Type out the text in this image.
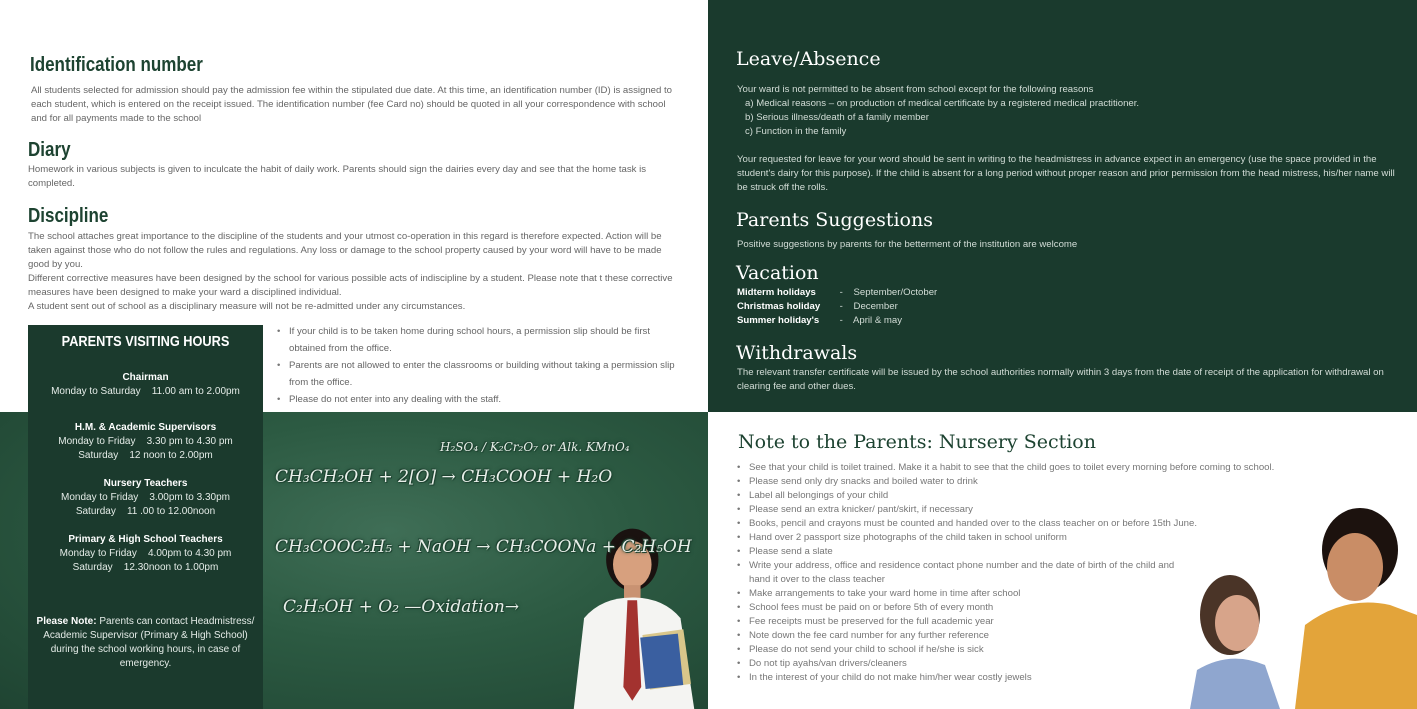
Identification number

All students selected for admission should pay the admission fee within the stipulated due date. At this time, an identification number (ID) is assigned to each student, which is entered on the receipt issued. The identification number (fee Card no) should be quoted in all your correspondence with school and for all payments made to the school

Diary

Homework in various subjects is given to inculcate the habit of daily work. Parents should sign the dairies every day and see that the home task is completed.

Discipline

The school attaches great importance to the discipline of the students and your utmost co-operation in this regard is therefore expected. Action will be taken against those who do not follow the rules and regulations. Any loss or damage to the school property caused by your word will have to be made good by you.

Different corrective measures have been designed by the school for various possible acts of indiscipline by a student. Please note that t these corrective measures have been designed to make your ward a disciplined individual.

A student sent out of school as a disciplinary measure will not be re-admitted under any circumstances.

• If your child is to be taken home during school hours, a permission slip should be first obtained from the office.
• Parents are not allowed to enter the classrooms or building without taking a permission slip from the office.
• Please do not enter into any dealing with the staff.
CH₃CH₂OH + 2[O] → CH₃COOH + H₂O
H₂SO₄ / K₂Cr₂O₇ or Alk. KMnO₄
CH₃COOC₂H₅ + NaOH → CH₃COONa + C₂H₅OH
C₂H₅OH + O₂ —Oxidation→
PARENTS VISITING HOURS
Chairman
Monday to Saturday    11.00 am to 2.00pm
H.M. & Academic Supervisors
Monday to Friday    3.30 pm to 4.30 pm
Saturday    12 noon to 2.00pm
Nursery Teachers
Monday to Friday    3.00pm to 3.30pm
Saturday    11 .00 to 12.00noon
Primary & High School Teachers
Monday to Friday    4.00pm to 4.30 pm
Saturday    12.30noon to 1.00pm

Please Note: Parents can contact Headmistress/ Academic Supervisor (Primary & High School) during the school working hours, in case of emergency.

Leave/Absence

Your ward is not permitted to be absent from school except for the following reasons

a) Medical reasons – on production of medical certificate by a registered medical practitioner.

b) Serious illness/death of a family member

c) Function in the family

Your requested for leave for your word should be sent in writing to the headmistress in advance expect in an emergency (use the space provided in the student's dairy for this purpose). If the child is absent for a long period without proper reason and prior permission from the head mistress, his/her name will be struck off the rolls.

Parents Suggestions

Positive suggestions by parents for the betterment of the institution are welcome

Vacation
Midterm holidays -    September/October
Christmas holiday -    December
Summer holiday's -    April & may
Withdrawals

The relevant transfer certificate will be issued by the school authorities normally within 3 days from the date of receipt of the application for withdrawal on clearing fee and other dues.

Note to the Parents: Nursery Section
• See that your child is toilet trained. Make it a habit to see that the child goes to toilet every morning before coming to school.
• Please send only dry snacks and boiled water to drink
• Label all belongings of your child
• Please send an extra knicker/ pant/skirt, if necessary
• Books, pencil and crayons must be counted and handed over to the class teacher on or before 15th June.
• Hand over 2 passport size photographs of the child taken in school uniform
• Please send a slate
• Write your address, office and residence contact phone number and the date of birth of the child and hand it over to the class teacher
• Make arrangements to take your ward home in time after school
• School fees must be paid on or before 5th of every month
• Fee receipts must be preserved for the full academic year
• Note down the fee card number for any further reference
• Please do not send your child to school if he/she is sick
• Do not tip ayahs/van drivers/cleaners
• In the interest of your child do not make him/her wear costly jewels
